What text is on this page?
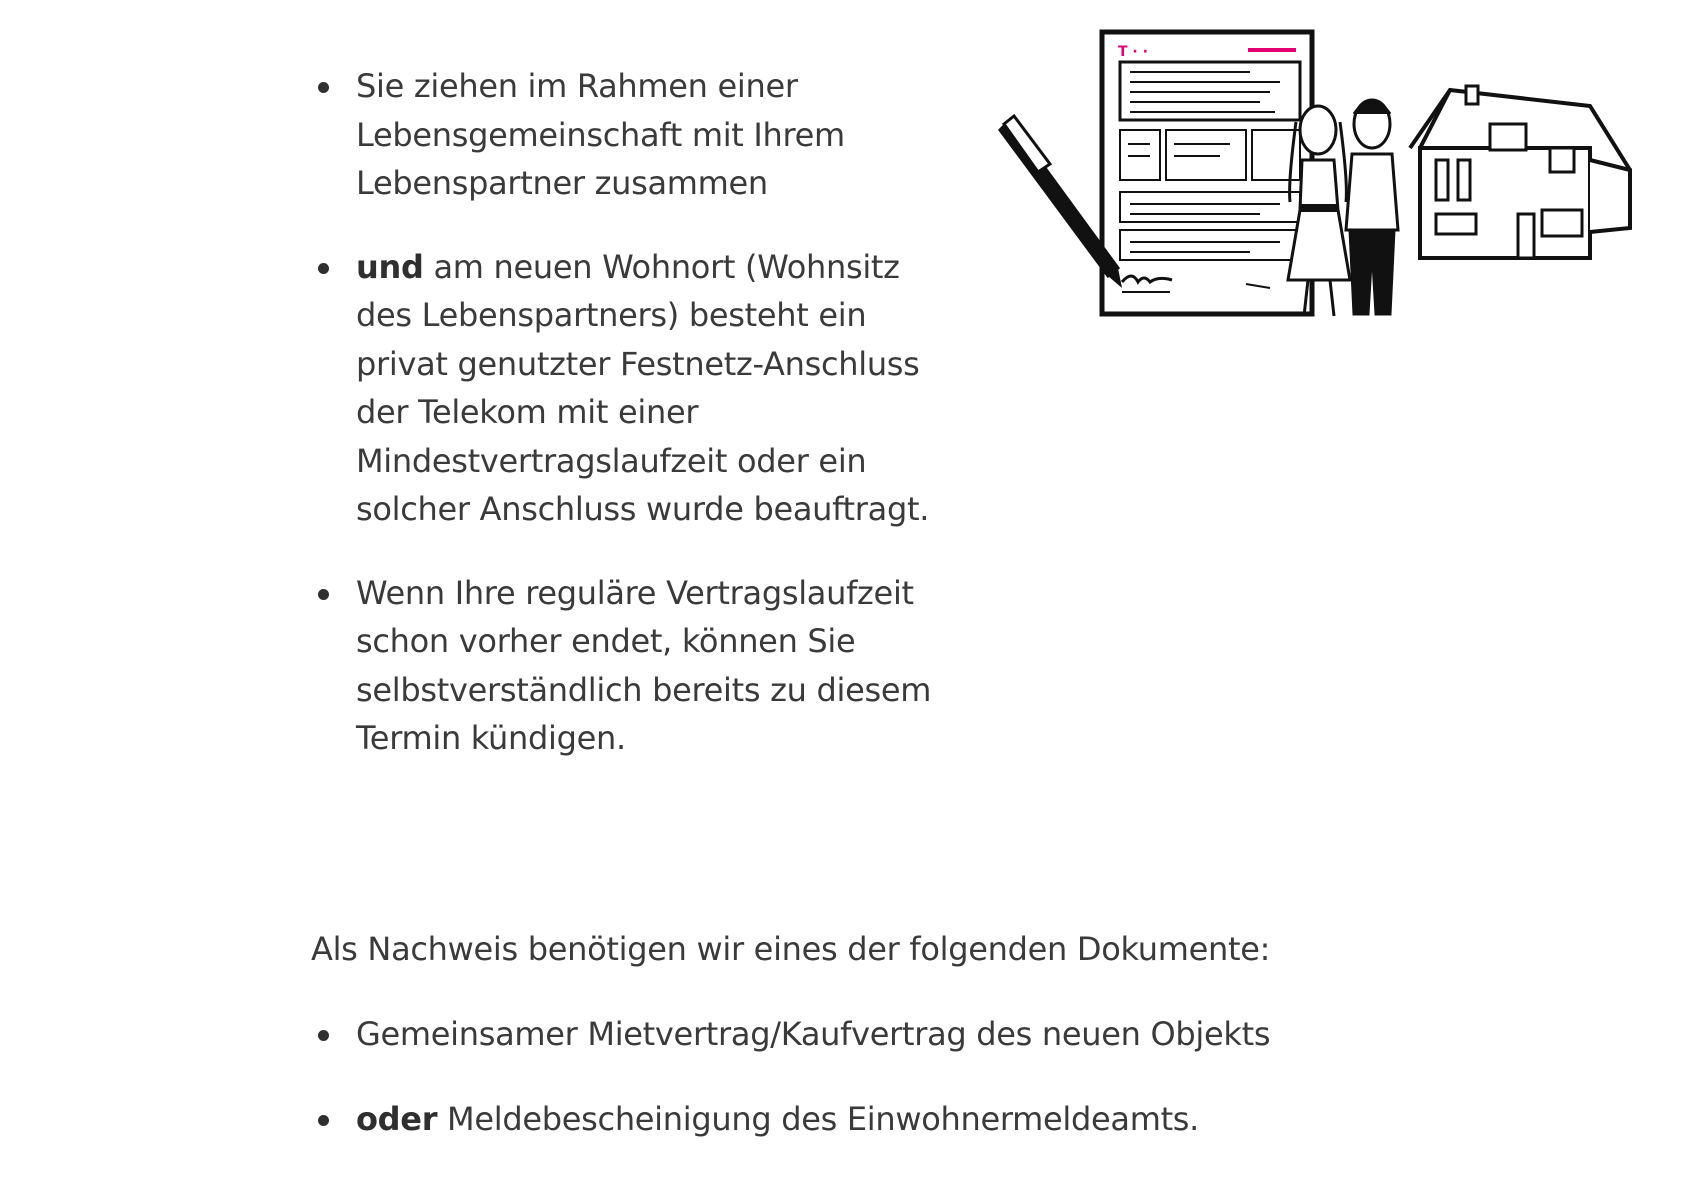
Sie ziehen im Rahmen einer Lebensgemeinschaft mit Ihrem Lebenspartner zusammen
und am neuen Wohnort (Wohnsitz des Lebenspartners) besteht ein privat genutzter Festnetz-Anschluss der Telekom mit einer Mindestvertragslaufzeit oder ein solcher Anschluss wurde beauftragt.
Wenn Ihre reguläre Vertragslaufzeit schon vorher endet, können Sie selbstverständlich bereits zu diesem Termin kündigen.
T · ·

Als Nachweis benötigen wir eines der folgenden Dokumente:

Gemeinsamer Mietvertrag/Kaufvertrag des neuen Objekts
oder Meldebescheinigung des Einwohnermeldeamts.
